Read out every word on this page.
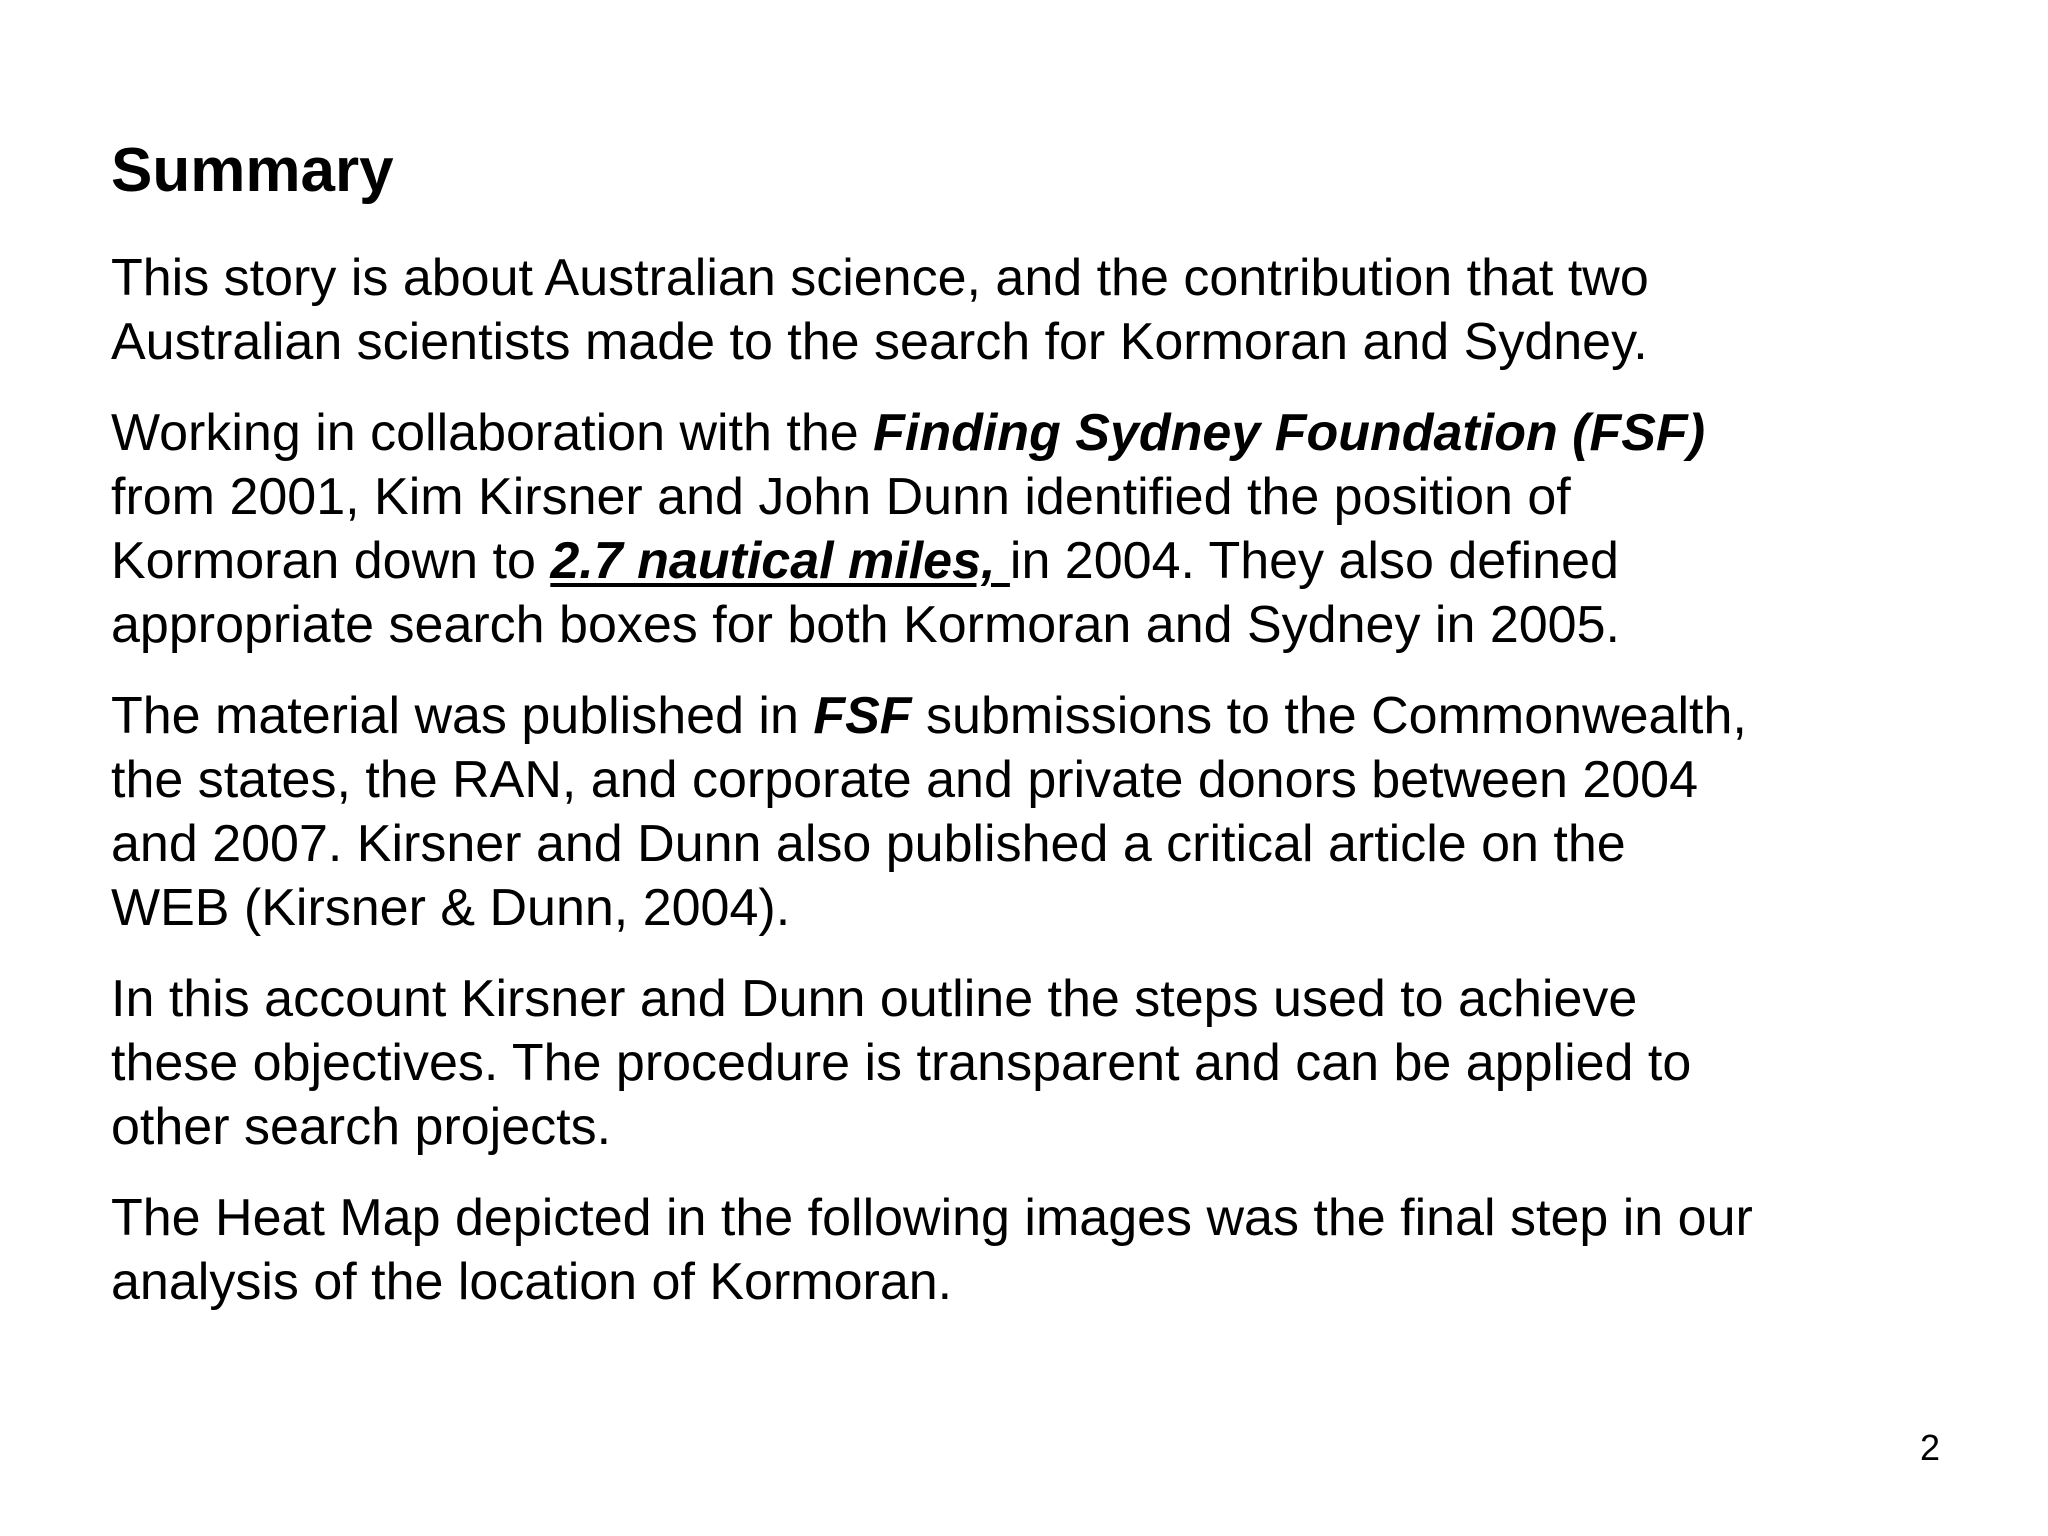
Summary

This story is about Australian science, and the contribution that two
Australian scientists made to the search for Kormoran and Sydney.

Working in collaboration with the Finding Sydney Foundation (FSF)
from 2001, Kim Kirsner and John Dunn identified the position of
Kormoran down to 2.7 nautical miles, in 2004. They also defined
appropriate search boxes for both Kormoran and Sydney in 2005.

The material was published in FSF submissions to the Commonwealth,
the states, the RAN, and corporate and private donors between 2004
and 2007. Kirsner and Dunn also published a critical article on the
WEB (Kirsner & Dunn, 2004).

In this account Kirsner and Dunn outline the steps used to achieve
these objectives. The procedure is transparent and can be applied to
other search projects.

The Heat Map depicted in the following images was the final step in our
analysis of the location of Kormoran.

2
